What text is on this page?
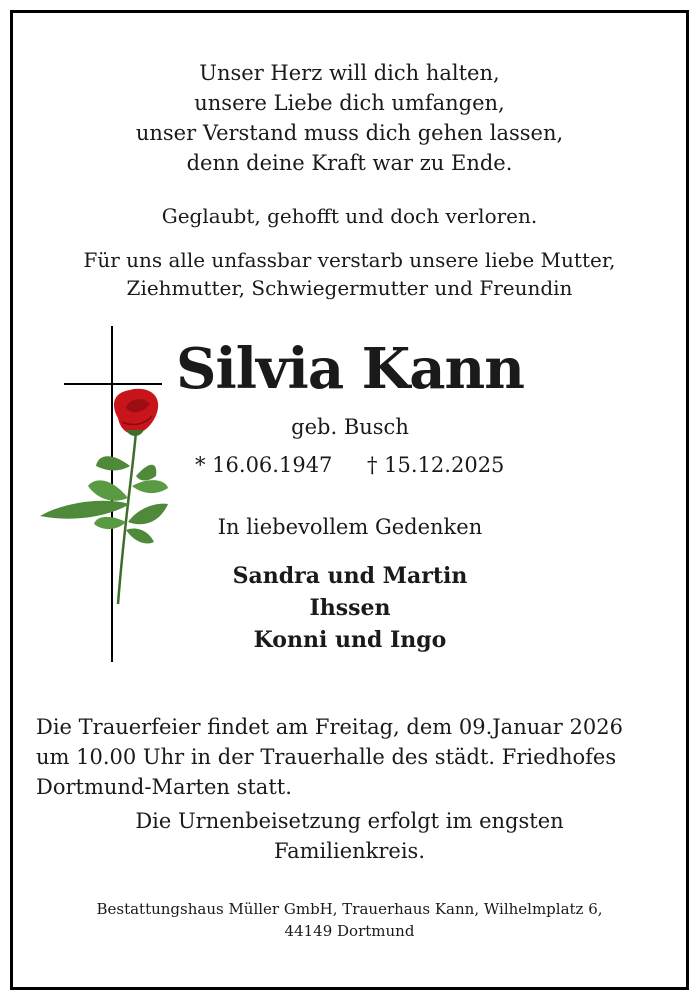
Unser Herz will dich halten,
unsere Liebe dich umfangen,
unser Verstand muss dich gehen lassen,
denn deine Kraft war zu Ende.
Geglaubt, gehofft und doch verloren.
Für uns alle unfassbar verstarb unsere liebe Mutter,
Ziehmutter, Schwiegermutter und Freundin
Silvia Kann
geb. Busch
* 16.06.1947 † 15.12.2025
In liebevollem Gedenken
Sandra und Martin
Ihssen
Konni und Ingo
Die Trauerfeier findet am Freitag, dem 09.Januar 2026
um 10.00 Uhr in der Trauerhalle des städt. Friedhofes
Dortmund-Marten statt.
Die Urnenbeisetzung erfolgt im engsten
Familienkreis.
Bestattungshaus Müller GmbH, Trauerhaus Kann, Wilhelmplatz 6,
44149 Dortmund
